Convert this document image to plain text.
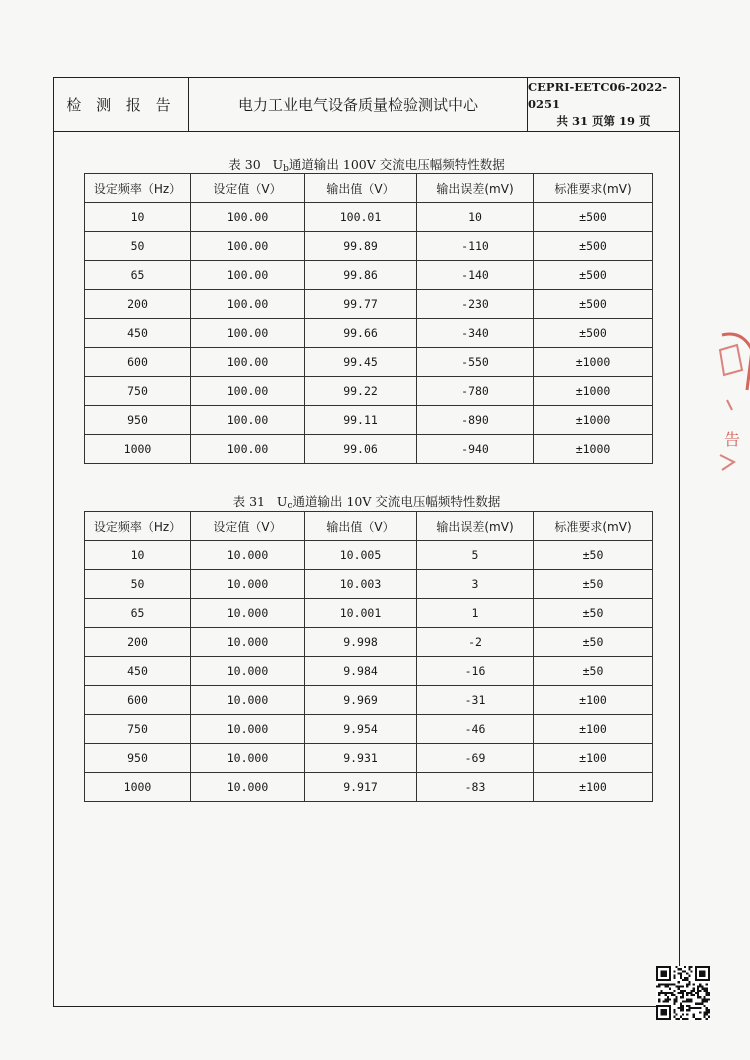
检 测 报 告	电力工业电气设备质量检验测试中心
CEPRI-EETC06-2022-0251
共 31 页第 19 页
表 30 $U_b$通道输出 100V 交流电压幅频特性数据
设定频率（Hz）	设定值（V）	输出值（V）	输出误差(mV)	标准要求(mV)
10	100.00	100.01	10	±500
50	100.00	99.89	-110	±500
65	100.00	99.86	-140	±500
200	100.00	99.77	-230	±500
450	100.00	99.66	-340	±500
600	100.00	99.45	-550	±1000
750	100.00	99.22	-780	±1000
950	100.00	99.11	-890	±1000
1000	100.00	99.06	-940	±1000
表 31 $U_c$通道输出 10V 交流电压幅频特性数据
设定频率（Hz）	设定值（V）	输出值（V）	输出误差(mV)	标准要求(mV)
10	10.000	10.005	5	±50
50	10.000	10.003	3	±50
65	10.000	10.001	1	±50
200	10.000	9.998	-2	±50
450	10.000	9.984	-16	±50
600	10.000	9.969	-31	±100
750	10.000	9.954	-46	±100
950	10.000	9.931	-69	±100
1000	10.000	9.917	-83	±100
告
